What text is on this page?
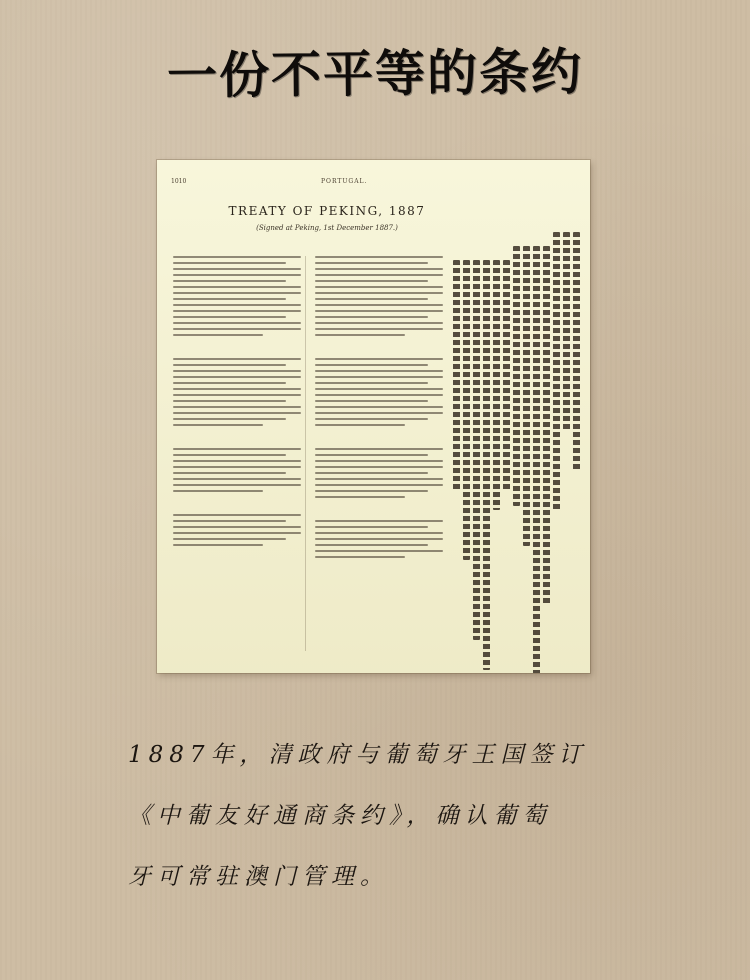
一份不平等的条约
1010	PORTUGAL.
TREATY OF PEKING, 1887
(Signed at Peking, 1st December 1887.)
1887年，清政府与葡萄牙王国签订
《中葡友好通商条约》，确认葡萄
牙可常驻澳门管理。
